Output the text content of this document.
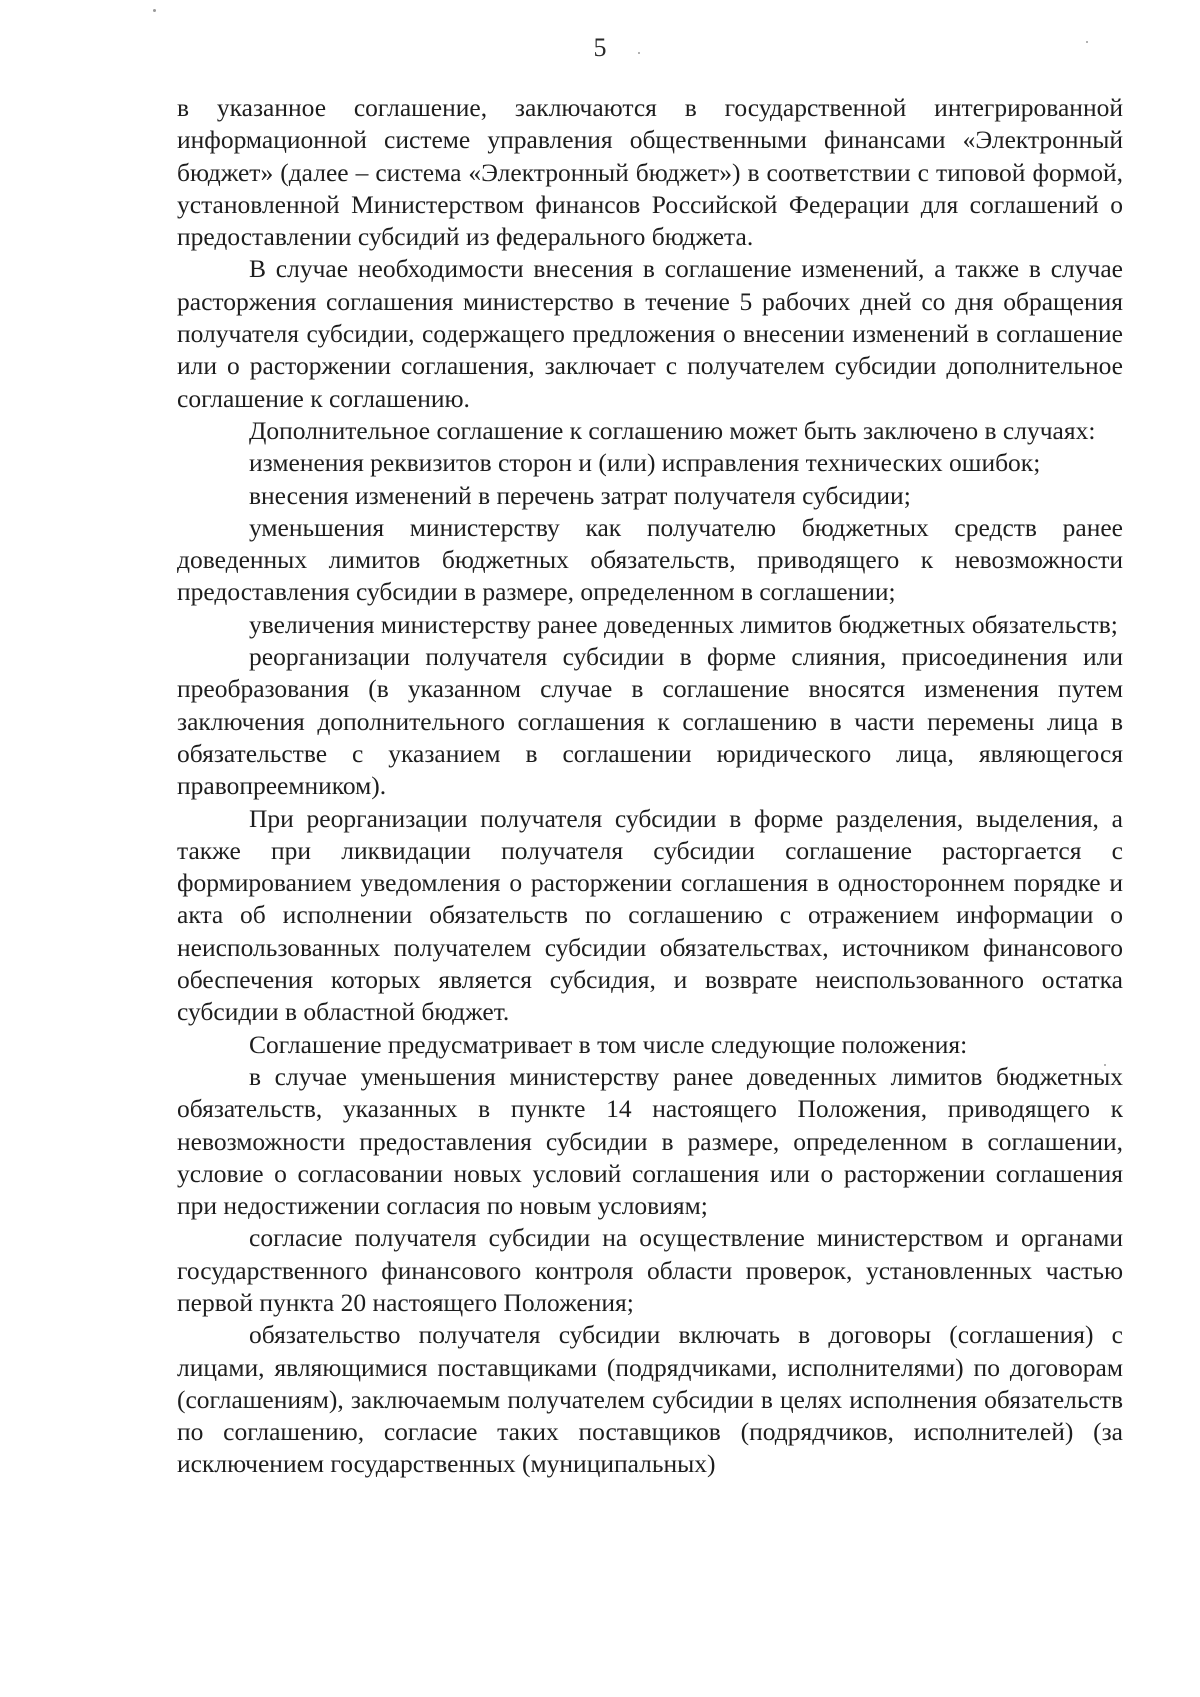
5

в указанное соглашение, заключаются в государственной интегрированной информационной системе управления общественными финансами «Электронный бюджет» (далее – система «Электронный бюджет») в соответствии с типовой формой, установленной Министерством финансов Российской Федерации для соглашений о предоставлении субсидий из федерального бюджета.

В случае необходимости внесения в соглашение изменений, а также в случае расторжения соглашения министерство в течение 5 рабочих дней со дня обращения получателя субсидии, содержащего предложения о внесении изменений в соглашение или о расторжении соглашения, заключает с получателем субсидии дополнительное соглашение к соглашению.

Дополнительное соглашение к соглашению может быть заключено в случаях:

изменения реквизитов сторон и (или) исправления технических ошибок;

внесения изменений в перечень затрат получателя субсидии;

уменьшения министерству как получателю бюджетных средств ранее доведенных лимитов бюджетных обязательств, приводящего к невозможности предоставления субсидии в размере, определенном в соглашении;

увеличения министерству ранее доведенных лимитов бюджетных обязательств;

реорганизации получателя субсидии в форме слияния, присоединения или преобразования (в указанном случае в соглашение вносятся изменения путем заключения дополнительного соглашения к соглашению в части перемены лица в обязательстве с указанием в соглашении юридического лица, являющегося правопреемником).

При реорганизации получателя субсидии в форме разделения, выделения, а также при ликвидации получателя субсидии соглашение расторгается с формированием уведомления о расторжении соглашения в одностороннем порядке и акта об исполнении обязательств по соглашению с отражением информации о неиспользованных получателем субсидии обязательствах, источником финансового обеспечения которых является субсидия, и возврате неиспользованного остатка субсидии в областной бюджет.

Соглашение предусматривает в том числе следующие положения:

в случае уменьшения министерству ранее доведенных лимитов бюджетных обязательств, указанных в пункте 14 настоящего Положения, приводящего к невозможности предоставления субсидии в размере, определенном в соглашении, условие о согласовании новых условий соглашения или о расторжении соглашения при недостижении согласия по новым условиям;

согласие получателя субсидии на осуществление министерством и органами государственного финансового контроля области проверок, установленных частью первой пункта 20 настоящего Положения;

обязательство получателя субсидии включать в договоры (соглашения) с лицами, являющимися поставщиками (подрядчиками, исполнителями) по договорам (соглашениям), заключаемым получателем субсидии в целях исполнения обязательств по соглашению, согласие таких поставщиков (подрядчиков, исполнителей) (за исключением государственных (муниципальных)
